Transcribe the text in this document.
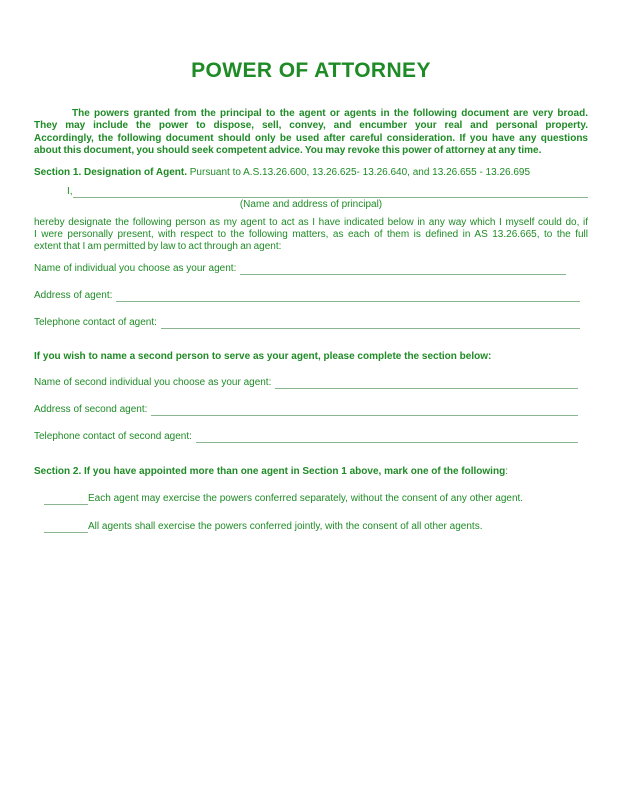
POWER OF ATTORNEY
The powers granted from the principal to the agent or agents in the following document are very broad.
They may include the power to dispose, sell, convey, and encumber your real and personal property.
Accordingly, the following document should only be used after careful consideration. If you have any questions
about this document, you should seek competent advice. You may revoke this power of attorney at any time.
Section 1. Designation of Agent. Pursuant to A.S.13.26.600, 13.26.625- 13.26.640, and 13.26.655 - 13.26.695
I,
(Name and address of principal)
hereby designate the following person as my agent to act as I have indicated below in any way which I myself could do, if
I were personally present, with respect to the following matters, as each of them is defined in AS 13.26.665, to the full
extent that I am permitted by law to act through an agent:
Name of individual you choose as your agent:
Address of agent:
Telephone contact of agent:
If you wish to name a second person to serve as your agent, please complete the section below:
Name of second individual you choose as your agent:
Address of second agent:
Telephone contact of second agent:
Section 2. If you have appointed more than one agent in Section 1 above, mark one of the following:
Each agent may exercise the powers conferred separately, without the consent of any other agent.
All agents shall exercise the powers conferred jointly, with the consent of all other agents.
